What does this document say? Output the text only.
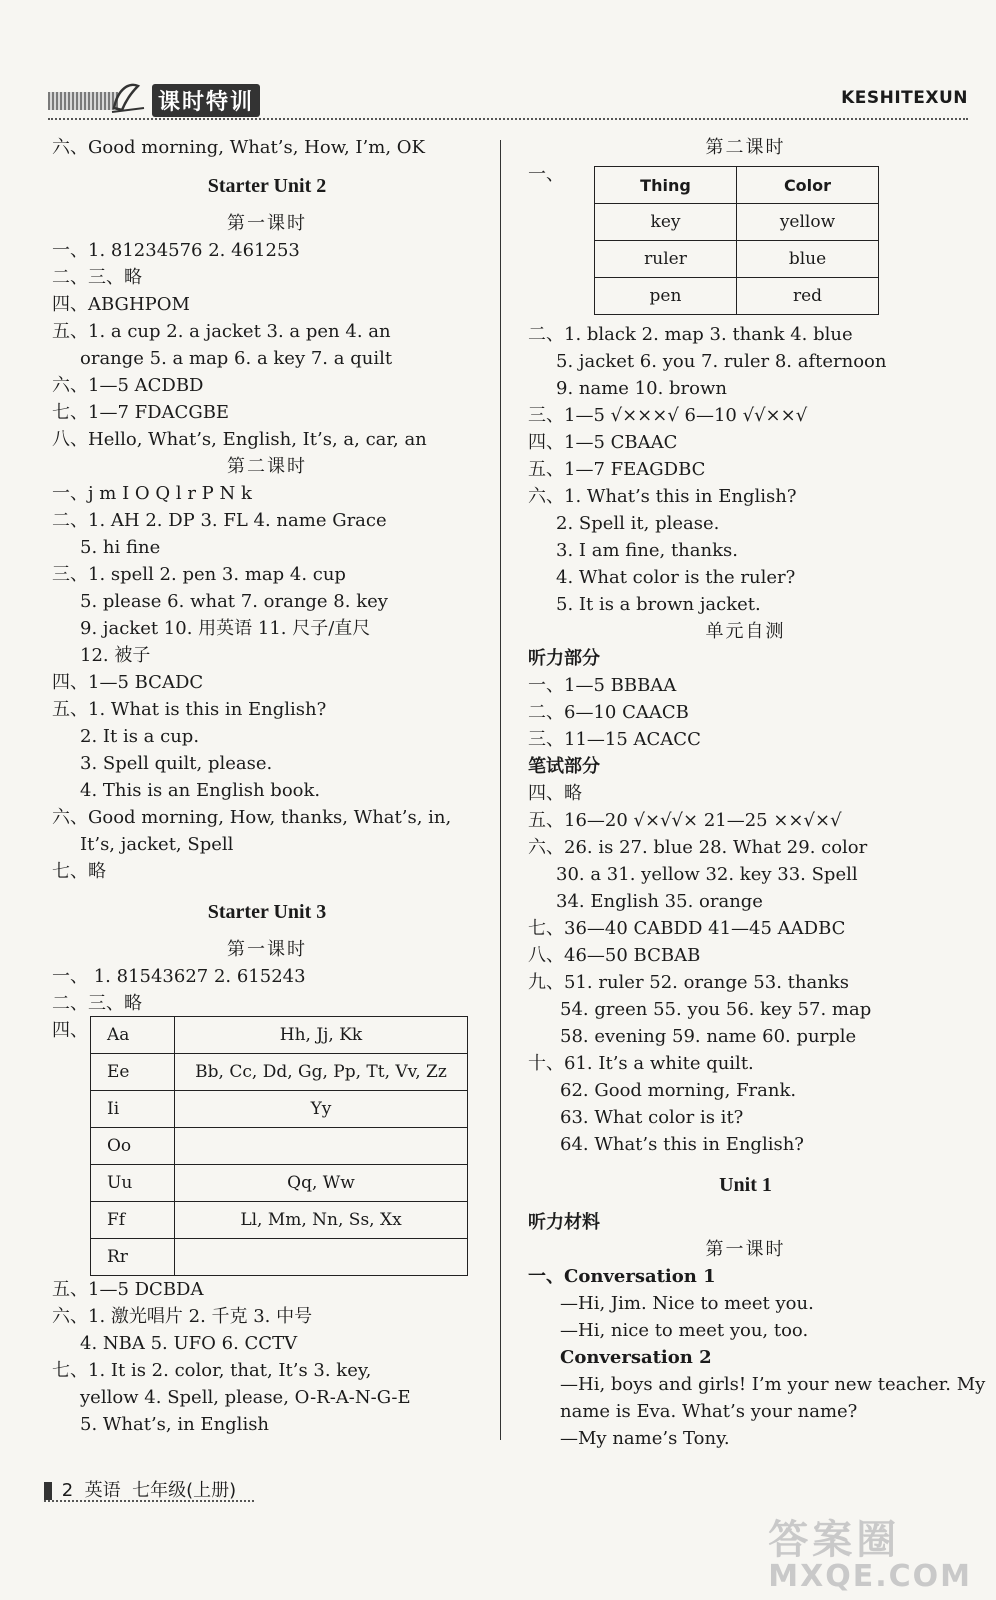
课时特训	KESHITEXUN
六、Good morning, What’s, How, I’m, OK
Starter Unit 2
第一课时
一、1. 81234576 2. 461253
二、三、略
四、ABGHPOM
五、1. a cup 2. a jacket 3. a pen 4. an
orange 5. a map 6. a key 7. a quilt
六、1—5 ACDBD
七、1—7 FDACGBE
八、Hello, What’s, English, It’s, a, car, an
第二课时
一、j m I O Q l r P N k
二、1. AH 2. DP 3. FL 4. name Grace
5. hi fine
三、1. spell 2. pen 3. map 4. cup
5. please 6. what 7. orange 8. key
9. jacket 10. 用英语 11. 尺子/直尺
12. 被子
四、1—5 BCADC
五、1. What is this in English?
2. It is a cup.
3. Spell quilt, please.
4. This is an English book.
六、Good morning, How, thanks, What’s, in,
It’s, jacket, Spell
七、略
Starter Unit 3
第一课时
一、 1. 81543627 2. 615243
二、三、略
四、	Aa	Hh, Jj, Kk
Ee	Bb, Cc, Dd, Gg, Pp, Tt, Vv, Zz
Ii	Yy
Oo	
Uu	Qq, Ww
Ff	Ll, Mm, Nn, Ss, Xx
Rr	
五、1—5 DCBDA
六、1. 激光唱片 2. 千克 3. 中号
4. NBA 5. UFO 6. CCTV
七、1. It is 2. color, that, It’s 3. key,
yellow 4. Spell, please, O-R-A-N-G-E
5. What’s, in English
第二课时
一、	Thing	Color
key	yellow
ruler	blue
pen	red
二、1. black 2. map 3. thank 4. blue
5. jacket 6. you 7. ruler 8. afternoon
9. name 10. brown
三、1—5 √×××√ 6—10 √√××√
四、1—5 CBAAC
五、1—7 FEAGDBC
六、1. What’s this in English?
2. Spell it, please.
3. I am fine, thanks.
4. What color is the ruler?
5. It is a brown jacket.
单元自测
听力部分
一、1—5 BBBAA
二、6—10 CAACB
三、11—15 ACACC
笔试部分
四、略
五、16—20 √×√√× 21—25 ××√×√
六、26. is 27. blue 28. What 29. color
30. a 31. yellow 32. key 33. Spell
34. English 35. orange
七、36—40 CABDD 41—45 AADBC
八、46—50 BCBAB
九、51. ruler 52. orange 53. thanks
54. green 55. you 56. key 57. map
58. evening 59. name 60. purple
十、61. It’s a white quilt.
62. Good morning, Frank.
63. What color is it?
64. What’s this in English?
Unit 1
听力材料
第一课时
一、Conversation 1
—Hi, Jim. Nice to meet you.
—Hi, nice to meet you, too.
Conversation 2
—Hi, boys and girls! I’m your new teacher. My
name is Eva. What’s your name?
—My name’s Tony.
2 英语 七年级(上册)
答案圈
MXQE.COM
